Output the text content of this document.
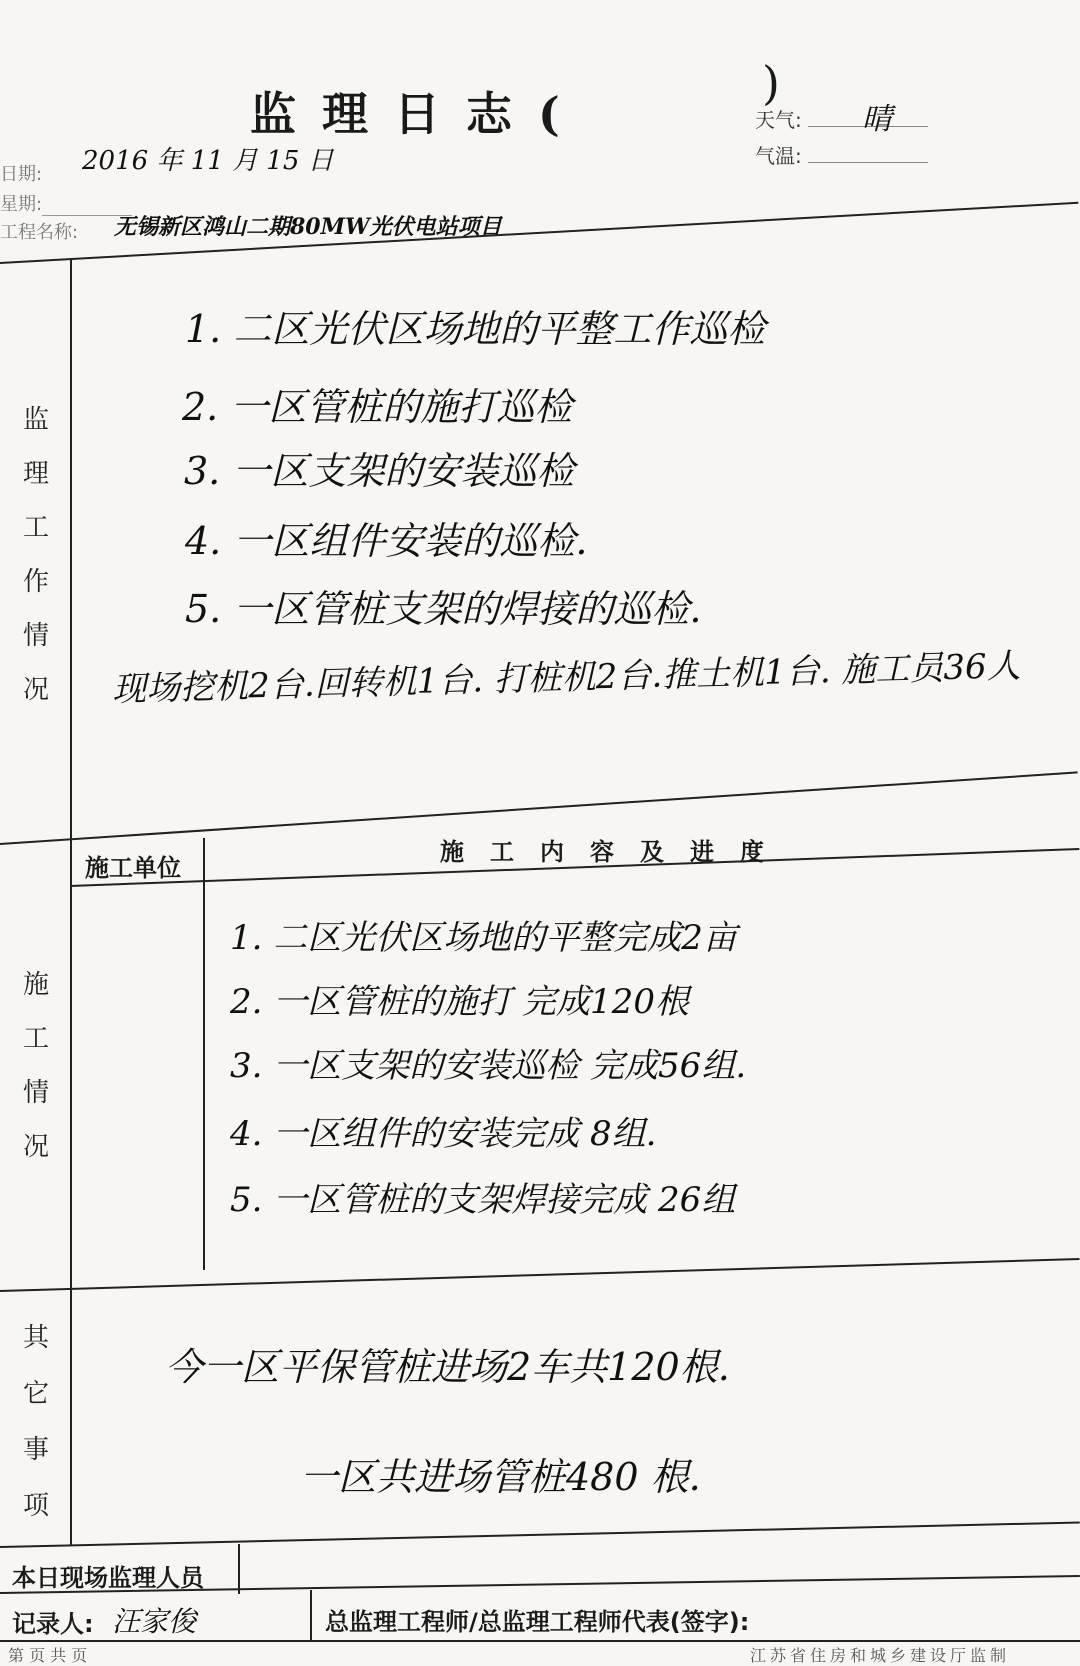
监理日志(
)
天气:	晴
气温:
日期: 2016 年 11 月 15 日
星期:
工程名称: 无锡新区鸿山二期80MW光伏电站项目
监
理
工
作
情
况
1. 二区光伏区场地的平整工作巡检
2. 一区管桩的施打巡检
3. 一区支架的安装巡检
4. 一区组件安装的巡检.
5. 一区管桩支架的焊接的巡检.
现场挖机2台.回转机1台. 打桩机2台.推土机1台. 施工员36人
施工单位
施工内容及进度
施
工
情
况
1. 二区光伏区场地的平整完成2亩
2. 一区管桩的施打 完成120根
3. 一区支架的安装巡检 完成56组.
4. 一区组件的安装完成 8组.
5. 一区管桩的支架焊接完成 26组
其
它
事
项
今一区平保管桩进场2车共120根.
一区共进场管桩480 根.
本日现场监理人员
记录人: 汪家俊	总监理工程师/总监理工程师代表(签字):
第 页 共 页	江苏省住房和城乡建设厅监制
